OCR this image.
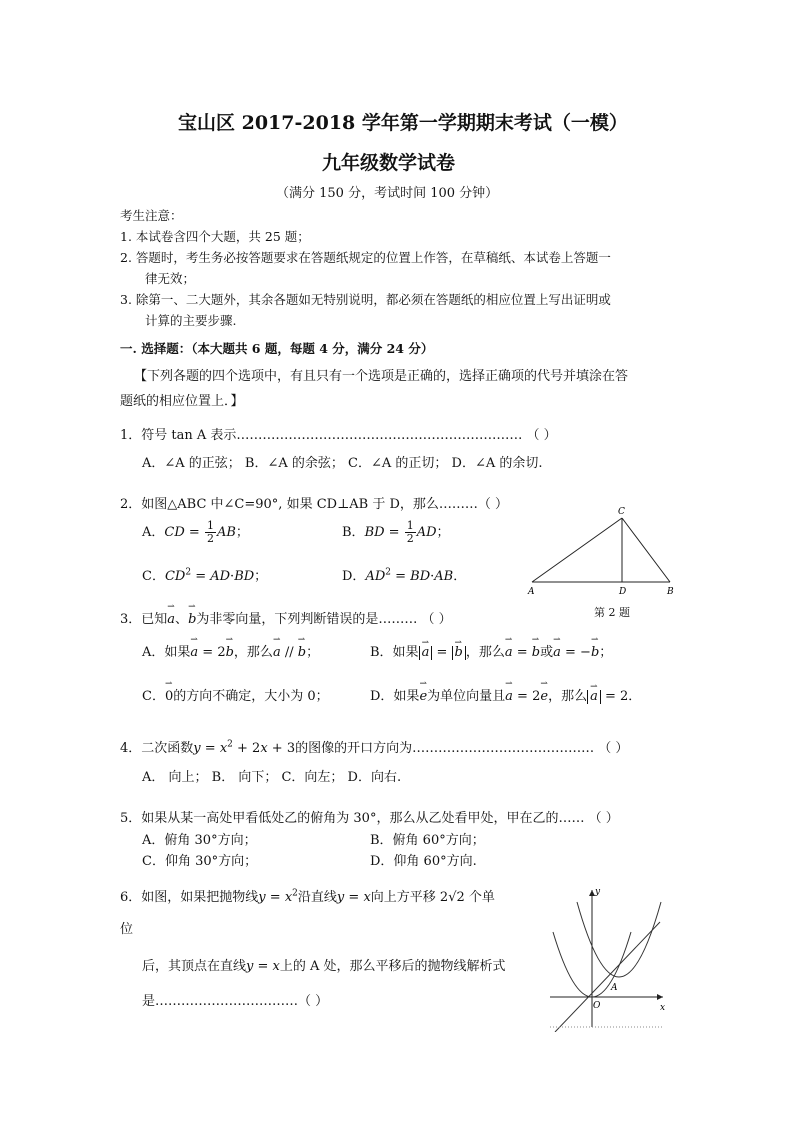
宝山区 2017-2018 学年第一学期期末考试（一模）
九年级数学试卷
（满分 150 分，考试时间 100 分钟）
考生注意：
1. 本试卷含四个大题，共 25 题；
2. 答题时，考生务必按答题要求在答题纸规定的位置上作答，在草稿纸、本试卷上答题一
律无效；
3. 除第一、二大题外，其余各题如无特别说明，都必须在答题纸的相应位置上写出证明或
计算的主要步骤.
一. 选择题：（本大题共 6 题，每题 4 分，满分 24 分）
【下列各题的四个选项中，有且只有一个选项是正确的，选择正确项的代号并填涂在答
题纸的相应位置上．】
1．符号 tan A 表示………………………………………………………… （ ）
A．∠A 的正弦； B．∠A 的余弦； C．∠A 的正切； D．∠A 的余切.
2．如图△ABC 中∠C=90°, 如果 CD⊥AB 于 D，那么………（ ）
A．CD = $\frac{1}{2}$ AB；	B．BD = $\frac{1}{2}$ AD；
C．$CD^2 = AD\cdot BD$；	D．$AD^2 = BD\cdot AB$．
A	B
C
D
第 2 题
3．已知⇀ a、⇀ b为非零向量，下列判断错误的是……… （ ）
A．如果⇀ a = 2⇀ b，那么⇀ a // ⇀ b；	B．如果 ⇀ a = ⇀ b ，那么⇀ a = ⇀ b或⇀ a = −⇀ b；
C．⇀ 0的方向不确定，大小为 0；	D．如果⇀ e为单位向量且⇀ a = 2⇀ e，那么 ⇀ a = 2．
4．二次函数$y = x^2 + 2x + 3$的图像的开口方向为…………………………………… （ ）
A． 向上； B． 向下； C．向左； D．向右.
5．如果从某一高处甲看低处乙的俯角为 30°，那么从乙处看甲处，甲在乙的…… （ ）
A．俯角 30°方向；	B．俯角 60°方向；
C．仰角 30°方向；	D．仰角 60°方向.
6．如图，如果把抛物线$y = x^2$沿直线y = x向上方平移 2√2 个单
位
后，其顶点在直线y = x上的 A 处，那么平移后的抛物线解析式
是……………………………（ ）	x
y
O
A
